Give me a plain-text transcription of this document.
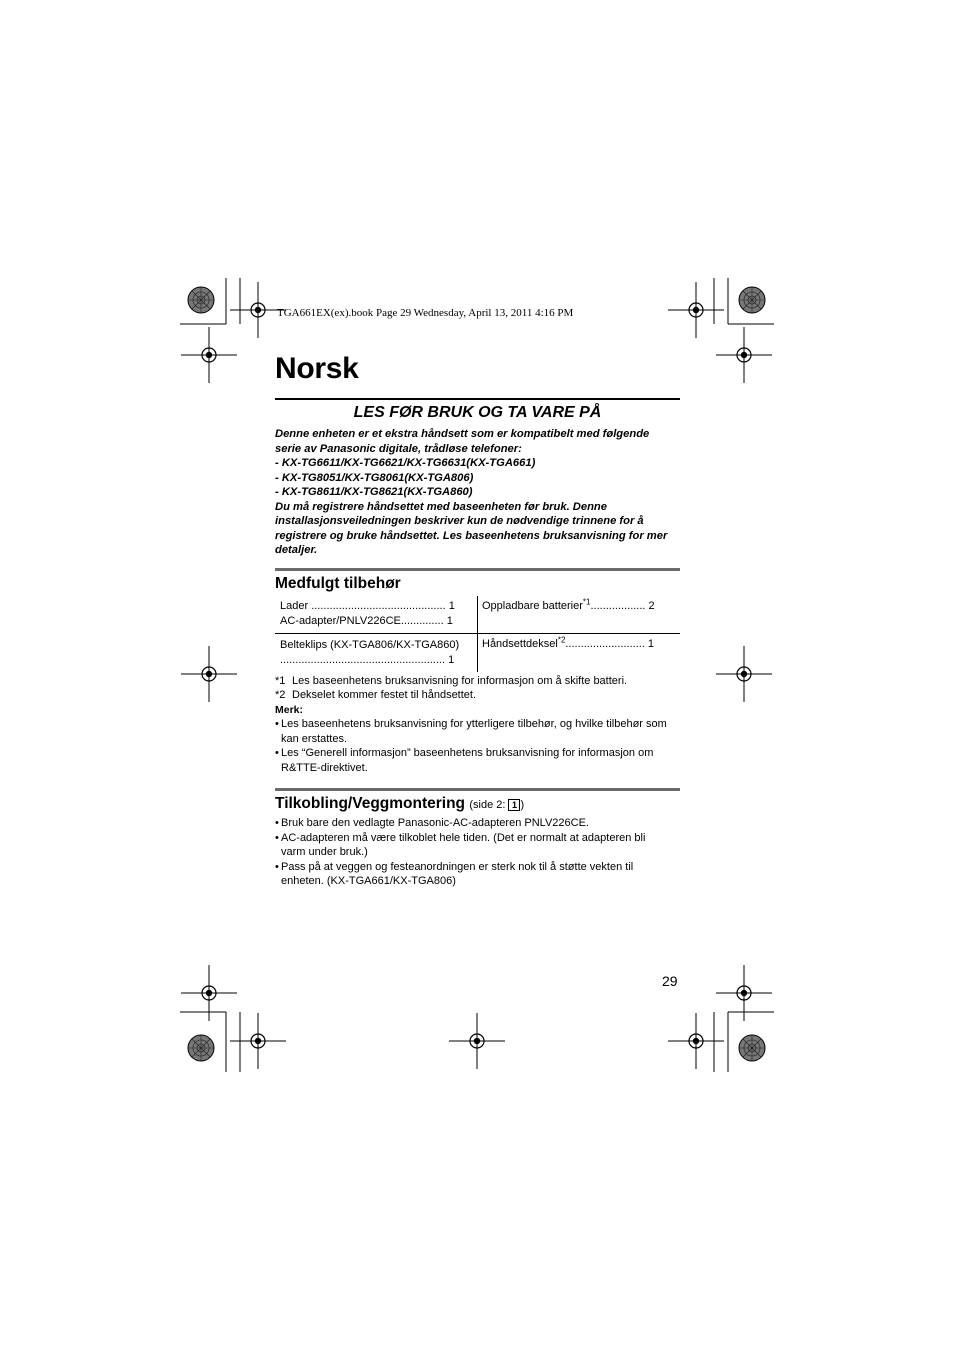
TGA661EX(ex).book Page 29 Wednesday, April 13, 2011 4:16 PM
Norsk
LES FØR BRUK OG TA VARE PÅ
Denne enheten er et ekstra håndsett som er kompatibelt med følgende
serie av Panasonic digitale, trådløse telefoner:
- KX-TG6611/KX-TG6621/KX-TG6631(KX-TGA661)
- KX-TG8051/KX-TG8061(KX-TGA806)
- KX-TG8611/KX-TG8621(KX-TGA860)
Du må registrere håndsettet med baseenheten før bruk. Denne
installasjonsveiledningen beskriver kun de nødvendige trinnene for å
registrere og bruke håndsettet. Les baseenhetens bruksanvisning for mer
detaljer.
Medfulgt tilbehør
Lader ............................................ 1
AC-adapter/PNLV226CE.............. 1
Oppladbare batterier$^{*1}$.................. 2
Belteklips (KX-TGA806/KX-TGA860)
...................................................... 1
Håndsettdeksel$^{*2}$.......................... 1
*1 Les baseenhetens bruksanvisning for informasjon om å skifte batteri.
*2 Dekselet kommer festet til håndsettet.
Merk:
• Les baseenhetens bruksanvisning for ytterligere tilbehør, og hvilke tilbehør som
kan erstattes.
• Les “Generell informasjon” baseenhetens bruksanvisning for informasjon om
R&TTE-direktivet.
Tilkobling/Veggmontering (side 2: 1 )
• Bruk bare den vedlagte Panasonic-AC-adapteren PNLV226CE.
• AC-adapteren må være tilkoblet hele tiden. (Det er normalt at adapteren bli
varm under bruk.)
• Pass på at veggen og festeanordningen er sterk nok til å støtte vekten til
enheten. (KX-TGA661/KX-TGA806)
29
